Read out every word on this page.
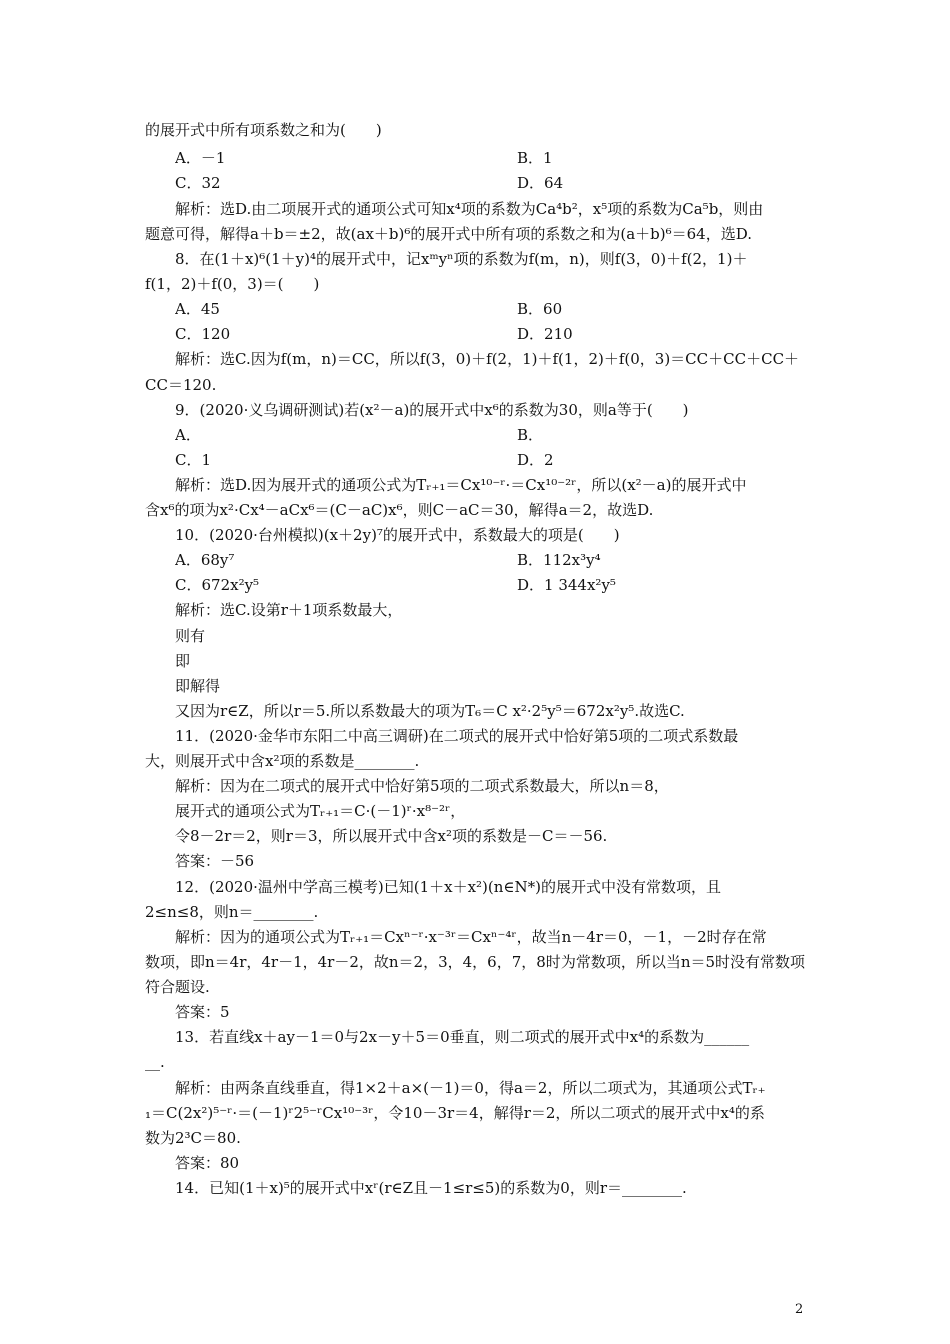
的展开式中所有项系数之和为(　　)
A．－1	B．1
C．32	D．64
解析：选D.由二项展开式的通项公式可知x⁴项的系数为Ca⁴b²，x⁵项的系数为Ca⁵b，则由
题意可得，解得a＋b＝±2，故(ax＋b)⁶的展开式中所有项的系数之和为(a＋b)⁶＝64，选D.
8．在(1＋x)⁶(1＋y)⁴的展开式中，记xᵐyⁿ项的系数为f(m，n)，则f(3，0)＋f(2，1)＋
f(1，2)＋f(0，3)＝(　　)
A．45	B．60
C．120	D．210
解析：选C.因为f(m，n)＝CC，所以f(3，0)＋f(2，1)＋f(1，2)＋f(0，3)＝CC＋CC＋CC＋
CC＝120.
9．(2020·义乌调研测试)若(x²－a)的展开式中x⁶的系数为30，则a等于(　　)
A．	B．
C．1	D．2
解析：选D.因为展开式的通项公式为Tᵣ₊₁＝Cx¹⁰⁻ʳ·＝Cx¹⁰⁻²ʳ，所以(x²－a)的展开式中
含x⁶的项为x²·Cx⁴－aCx⁶＝(C－aC)x⁶，则C－aC＝30，解得a＝2，故选D.
10．(2020·台州模拟)(x＋2y)⁷的展开式中，系数最大的项是(　　)
A．68y⁷	B．112x³y⁴
C．672x²y⁵	D．1 344x²y⁵
解析：选C.设第r＋1项系数最大，
则有
即
即解得
又因为r∈Z，所以r＝5.所以系数最大的项为T₆＝C x²·2⁵y⁵＝672x²y⁵.故选C.
11．(2020·金华市东阳二中高三调研)在二项式的展开式中恰好第5项的二项式系数最
大，则展开式中含x²项的系数是________.
解析：因为在二项式的展开式中恰好第5项的二项式系数最大，所以n＝8，
展开式的通项公式为Tᵣ₊₁＝C·(－1)ʳ·x⁸⁻²ʳ，
令8－2r＝2，则r＝3，所以展开式中含x²项的系数是－C＝－56.
答案：－56
12．(2020·温州中学高三模考)已知(1＋x＋x²)(n∈N*)的展开式中没有常数项，且
2≤n≤8，则n＝________.
解析：因为的通项公式为Tᵣ₊₁＝Cxⁿ⁻ʳ·x⁻³ʳ＝Cxⁿ⁻⁴ʳ，故当n－4r＝0，－1，－2时存在常
数项，即n＝4r，4r－1，4r－2，故n＝2，3，4，6，7，8时为常数项，所以当n＝5时没有常数项
符合题设.
答案：5
13．若直线x＋ay－1＝0与2x－y＋5＝0垂直，则二项式的展开式中x⁴的系数为______
__.
解析：由两条直线垂直，得1×2＋a×(－1)＝0，得a＝2，所以二项式为，其通项公式Tᵣ₊
₁＝C(2x²)⁵⁻ʳ·＝(－1)ʳ2⁵⁻ʳCx¹⁰⁻³ʳ，令10－3r＝4，解得r＝2，所以二项式的展开式中x⁴的系
数为2³C＝80.
答案：80
14．已知(1＋x)⁵的展开式中xʳ(r∈Z且－1≤r≤5)的系数为0，则r＝________.
2
